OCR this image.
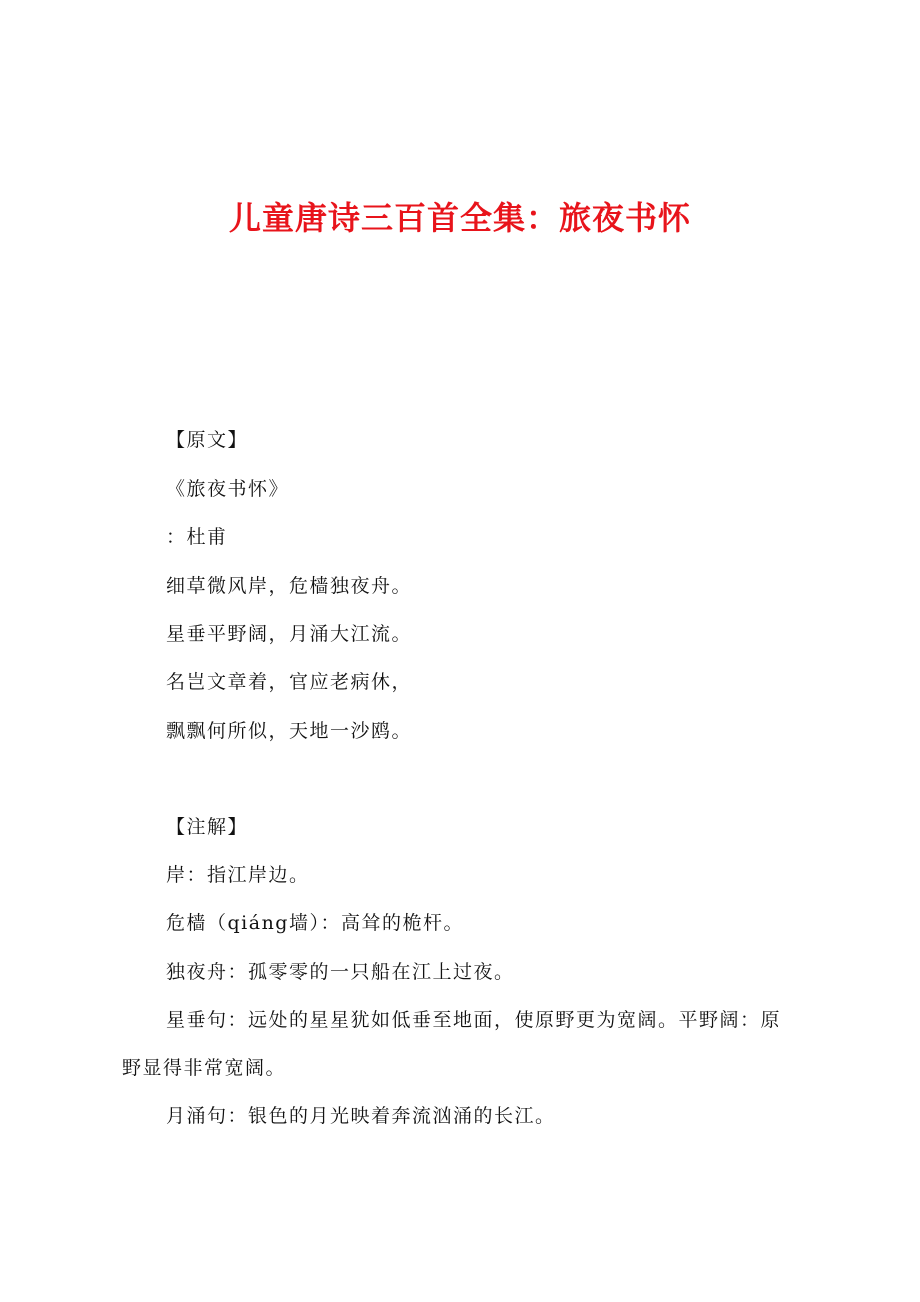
儿童唐诗三百首全集：旅夜书怀
【原文】
《旅夜书怀》
：杜甫
细草微风岸，危樯独夜舟。
星垂平野阔，月涌大江流。
名岂文章着，官应老病休，
飘飘何所似，天地一沙鸥。
【注解】
岸：指江岸边。
危樯（qiáng墙）：高耸的桅杆。
独夜舟：孤零零的一只船在江上过夜。
星垂句：远处的星星犹如低垂至地面，使原野更为宽阔。平野阔：原
野显得非常宽阔。
月涌句：银色的月光映着奔流汹涌的长江。
